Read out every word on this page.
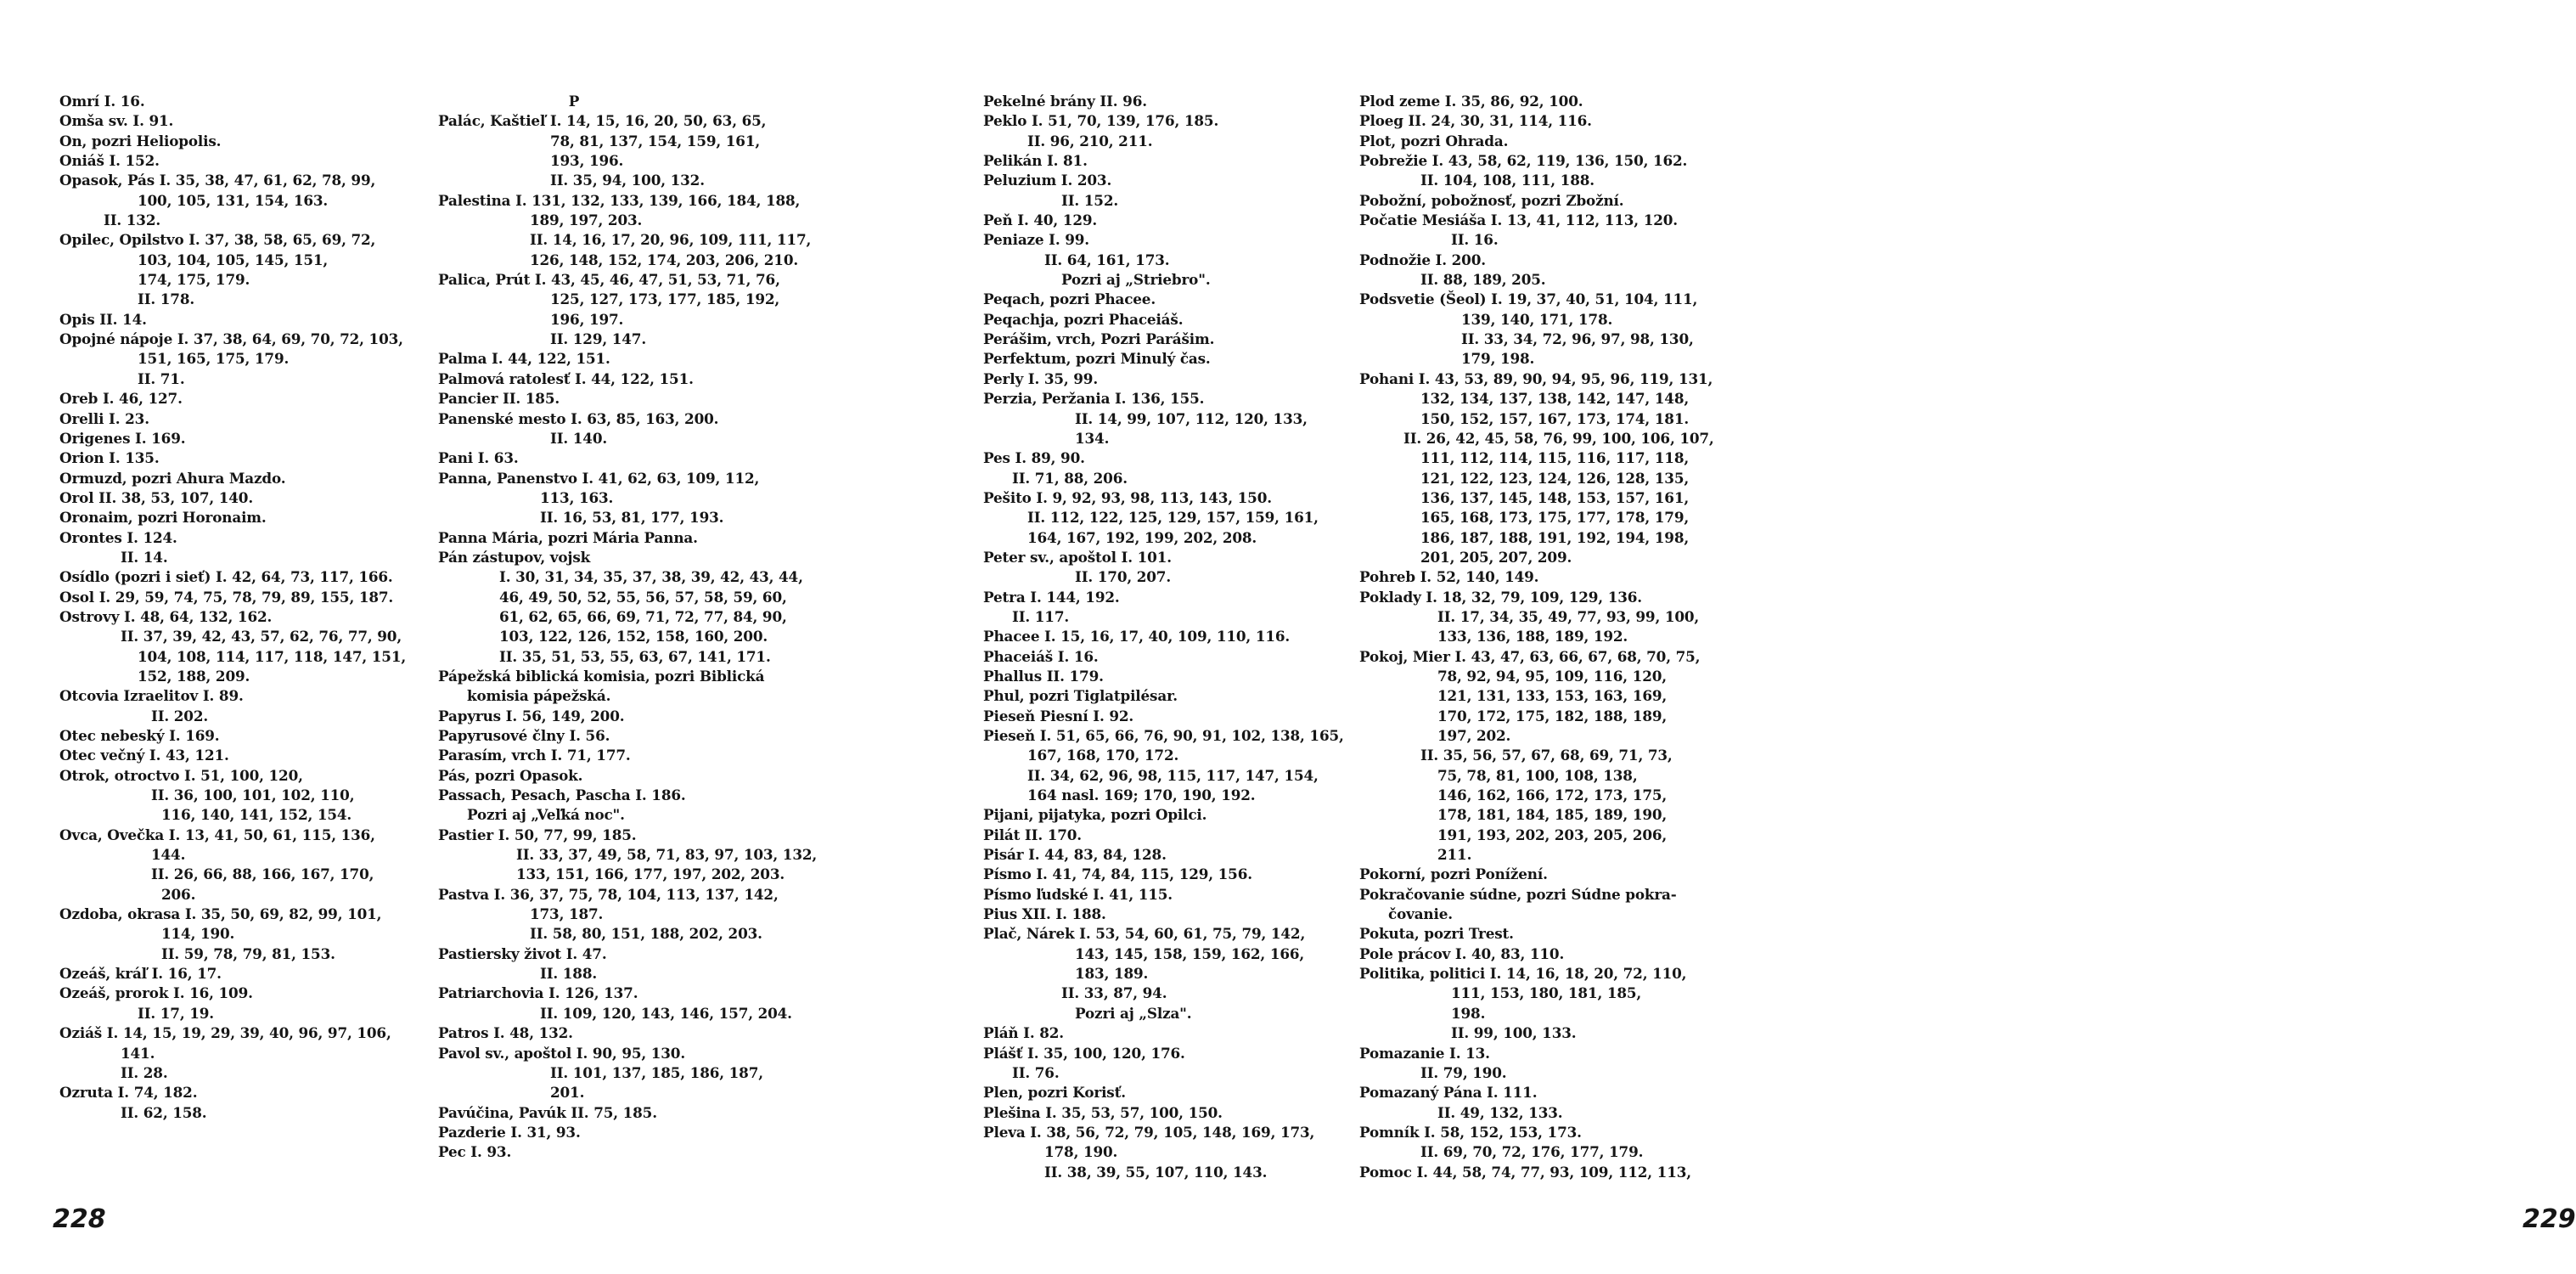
Omrí I. 16.
Omša sv. I. 91.
On, pozri Heliopolis.
Oniáš I. 152.
Opasok, Pás I. 35, 38, 47, 61, 62, 78, 99,
100, 105, 131, 154, 163.
II. 132.
Opilec, Opilstvo I. 37, 38, 58, 65, 69, 72,
103, 104, 105, 145, 151,
174, 175, 179.
II. 178.
Opis II. 14.
Opojné nápoje I. 37, 38, 64, 69, 70, 72, 103,
151, 165, 175, 179.
II. 71.
Oreb I. 46, 127.
Orelli I. 23.
Origenes I. 169.
Orion I. 135.
Ormuzd, pozri Ahura Mazdo.
Orol II. 38, 53, 107, 140.
Oronaim, pozri Horonaim.
Orontes I. 124.
II. 14.
Osídlo (pozri i sieť) I. 42, 64, 73, 117, 166.
Osol I. 29, 59, 74, 75, 78, 79, 89, 155, 187.
Ostrovy I. 48, 64, 132, 162.
II. 37, 39, 42, 43, 57, 62, 76, 77, 90,
104, 108, 114, 117, 118, 147, 151,
152, 188, 209.
Otcovia Izraelitov I. 89.
II. 202.
Otec nebeský I. 169.
Otec večný I. 43, 121.
Otrok, otroctvo I. 51, 100, 120,
II. 36, 100, 101, 102, 110,
116, 140, 141, 152, 154.
Ovca, Ovečka I. 13, 41, 50, 61, 115, 136,
144.
II. 26, 66, 88, 166, 167, 170,
206.
Ozdoba, okrasa I. 35, 50, 69, 82, 99, 101,
114, 190.
II. 59, 78, 79, 81, 153.
Ozeáš, kráľ I. 16, 17.
Ozeáš, prorok I. 16, 109.
II. 17, 19.
Oziáš I. 14, 15, 19, 29, 39, 40, 96, 97, 106,
141.
II. 28.
Ozruta I. 74, 182.
II. 62, 158.
P
Palác, Kaštieľ I. 14, 15, 16, 20, 50, 63, 65,
78, 81, 137, 154, 159, 161,
193, 196.
II. 35, 94, 100, 132.
Palestina I. 131, 132, 133, 139, 166, 184, 188,
189, 197, 203.
II. 14, 16, 17, 20, 96, 109, 111, 117,
126, 148, 152, 174, 203, 206, 210.
Palica, Prút I. 43, 45, 46, 47, 51, 53, 71, 76,
125, 127, 173, 177, 185, 192,
196, 197.
II. 129, 147.
Palma I. 44, 122, 151.
Palmová ratolesť I. 44, 122, 151.
Pancier II. 185.
Panenské mesto I. 63, 85, 163, 200.
II. 140.
Pani I. 63.
Panna, Panenstvo I. 41, 62, 63, 109, 112,
113, 163.
II. 16, 53, 81, 177, 193.
Panna Mária, pozri Mária Panna.
Pán zástupov, vojsk
I. 30, 31, 34, 35, 37, 38, 39, 42, 43, 44,
46, 49, 50, 52, 55, 56, 57, 58, 59, 60,
61, 62, 65, 66, 69, 71, 72, 77, 84, 90,
103, 122, 126, 152, 158, 160, 200.
II. 35, 51, 53, 55, 63, 67, 141, 171.
Pápežská biblická komisia, pozri Biblická
komisia pápežská.
Papyrus I. 56, 149, 200.
Papyrusové člny I. 56.
Parasím, vrch I. 71, 177.
Pás, pozri Opasok.
Passach, Pesach, Pascha I. 186.
Pozri aj „Veľká noc".
Pastier I. 50, 77, 99, 185.
II. 33, 37, 49, 58, 71, 83, 97, 103, 132,
133, 151, 166, 177, 197, 202, 203.
Pastva I. 36, 37, 75, 78, 104, 113, 137, 142,
173, 187.
II. 58, 80, 151, 188, 202, 203.
Pastiersky život I. 47.
II. 188.
Patriarchovia I. 126, 137.
II. 109, 120, 143, 146, 157, 204.
Patros I. 48, 132.
Pavol sv., apoštol I. 90, 95, 130.
II. 101, 137, 185, 186, 187,
201.
Pavúčina, Pavúk II. 75, 185.
Pazderie I. 31, 93.
Pec I. 93.
228
Pekelné brány II. 96.
Peklo I. 51, 70, 139, 176, 185.
II. 96, 210, 211.
Pelikán I. 81.
Peluzium I. 203.
II. 152.
Peň I. 40, 129.
Peniaze I. 99.
II. 64, 161, 173.
Pozri aj „Striebro".
Peqach, pozri Phacee.
Peqachja, pozri Phaceiáš.
Perášim, vrch, Pozri Parášim.
Perfektum, pozri Minulý čas.
Perly I. 35, 99.
Perzia, Peržania I. 136, 155.
II. 14, 99, 107, 112, 120, 133,
134.
Pes I. 89, 90.
II. 71, 88, 206.
Pešito I. 9, 92, 93, 98, 113, 143, 150.
II. 112, 122, 125, 129, 157, 159, 161,
164, 167, 192, 199, 202, 208.
Peter sv., apoštol I. 101.
II. 170, 207.
Petra I. 144, 192.
II. 117.
Phacee I. 15, 16, 17, 40, 109, 110, 116.
Phaceiáš I. 16.
Phallus II. 179.
Phul, pozri Tiglatpilésar.
Pieseň Piesní I. 92.
Pieseň I. 51, 65, 66, 76, 90, 91, 102, 138, 165,
167, 168, 170, 172.
II. 34, 62, 96, 98, 115, 117, 147, 154,
164 nasl. 169; 170, 190, 192.
Pijani, pijatyka, pozri Opilci.
Pilát II. 170.
Pisár I. 44, 83, 84, 128.
Písmo I. 41, 74, 84, 115, 129, 156.
Písmo ľudské I. 41, 115.
Pius XII. I. 188.
Plač, Nárek I. 53, 54, 60, 61, 75, 79, 142,
143, 145, 158, 159, 162, 166,
183, 189.
II. 33, 87, 94.
Pozri aj „Slza".
Pláň I. 82.
Plášť I. 35, 100, 120, 176.
II. 76.
Plen, pozri Korisť.
Plešina I. 35, 53, 57, 100, 150.
Pleva I. 38, 56, 72, 79, 105, 148, 169, 173,
178, 190.
II. 38, 39, 55, 107, 110, 143.
Plod zeme I. 35, 86, 92, 100.
Ploeg II. 24, 30, 31, 114, 116.
Plot, pozri Ohrada.
Pobrežie I. 43, 58, 62, 119, 136, 150, 162.
II. 104, 108, 111, 188.
Pobožní, pobožnosť, pozri Zbožní.
Počatie Mesiáša I. 13, 41, 112, 113, 120.
II. 16.
Podnožie I. 200.
II. 88, 189, 205.
Podsvetie (Šeol) I. 19, 37, 40, 51, 104, 111,
139, 140, 171, 178.
II. 33, 34, 72, 96, 97, 98, 130,
179, 198.
Pohani I. 43, 53, 89, 90, 94, 95, 96, 119, 131,
132, 134, 137, 138, 142, 147, 148,
150, 152, 157, 167, 173, 174, 181.
II. 26, 42, 45, 58, 76, 99, 100, 106, 107,
111, 112, 114, 115, 116, 117, 118,
121, 122, 123, 124, 126, 128, 135,
136, 137, 145, 148, 153, 157, 161,
165, 168, 173, 175, 177, 178, 179,
186, 187, 188, 191, 192, 194, 198,
201, 205, 207, 209.
Pohreb I. 52, 140, 149.
Poklady I. 18, 32, 79, 109, 129, 136.
II. 17, 34, 35, 49, 77, 93, 99, 100,
133, 136, 188, 189, 192.
Pokoj, Mier I. 43, 47, 63, 66, 67, 68, 70, 75,
78, 92, 94, 95, 109, 116, 120,
121, 131, 133, 153, 163, 169,
170, 172, 175, 182, 188, 189,
197, 202.
II. 35, 56, 57, 67, 68, 69, 71, 73,
75, 78, 81, 100, 108, 138,
146, 162, 166, 172, 173, 175,
178, 181, 184, 185, 189, 190,
191, 193, 202, 203, 205, 206,
211.
Pokorní, pozri Ponížení.
Pokračovanie súdne, pozri Súdne pokra-
čovanie.
Pokuta, pozri Trest.
Pole prácov I. 40, 83, 110.
Politika, politici I. 14, 16, 18, 20, 72, 110,
111, 153, 180, 181, 185,
198.
II. 99, 100, 133.
Pomazanie I. 13.
II. 79, 190.
Pomazaný Pána I. 111.
II. 49, 132, 133.
Pomník I. 58, 152, 153, 173.
II. 69, 70, 72, 176, 177, 179.
Pomoc I. 44, 58, 74, 77, 93, 109, 112, 113,
229
